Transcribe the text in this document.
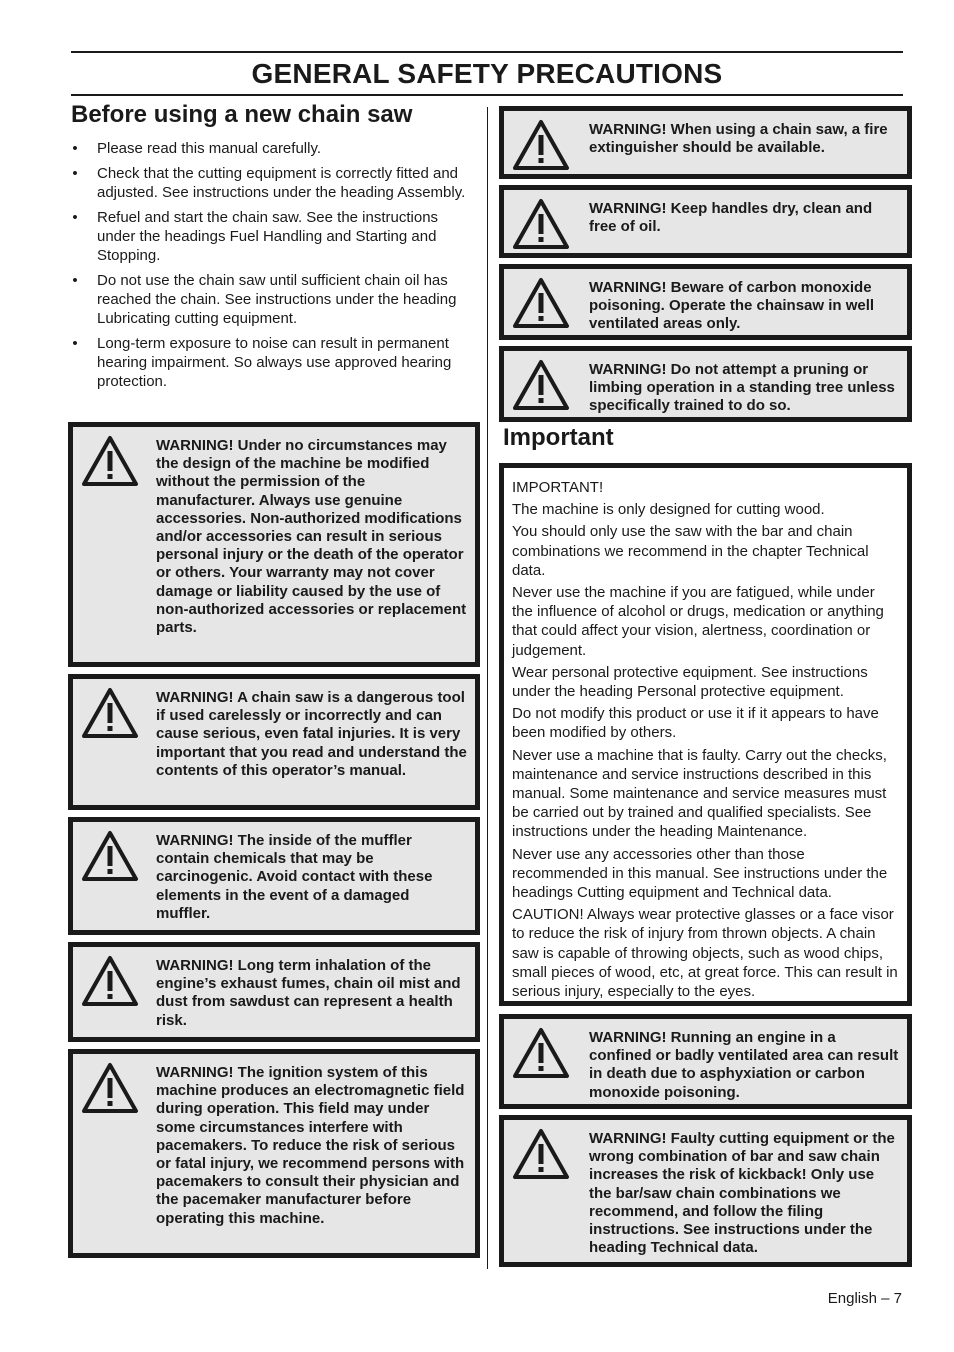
GENERAL SAFETY PRECAUTIONS
Before using a new chain saw
• Please read this manual carefully.
• Check that the cutting equipment is correctly fitted and adjusted. See instructions under the heading Assembly.
• Refuel and start the chain saw. See the instructions under the headings Fuel Handling and Starting and Stopping.
• Do not use the chain saw until sufficient chain oil has reached the chain. See instructions under the heading Lubricating cutting equipment.
• Long-term exposure to noise can result in permanent hearing impairment. So always use approved hearing protection.
WARNING! Under no circumstances may the design of the machine be modified without the permission of the manufacturer. Always use genuine accessories. Non-authorized modifications and/or accessories can result in serious personal injury or the death of the operator or others. Your warranty may not cover damage or liability caused by the use of non-authorized accessories or replacement parts.
WARNING! A chain saw is a dangerous tool if used carelessly or incorrectly and can cause serious, even fatal injuries. It is very important that you read and understand the contents of this operator’s manual.
WARNING! The inside of the muffler contain chemicals that may be carcinogenic. Avoid contact with these elements in the event of a damaged muffler.
WARNING! Long term inhalation of the engine’s exhaust fumes, chain oil mist and dust from sawdust can represent a health risk.
WARNING! The ignition system of this machine produces an electromagnetic field during operation. This field may under some circumstances interfere with pacemakers. To reduce the risk of serious or fatal injury, we recommend persons with pacemakers to consult their physician and the pacemaker manufacturer before operating this machine.
WARNING! When using a chain saw, a fire extinguisher should be available.
WARNING! Keep handles dry, clean and free of oil.
WARNING! Beware of carbon monoxide poisoning. Operate the chainsaw in well ventilated areas only.
WARNING! Do not attempt a pruning or limbing operation in a standing tree unless specifically trained to do so.
Important

IMPORTANT!

The machine is only designed for cutting wood.

You should only use the saw with the bar and chain combinations we recommend in the chapter Technical data.

Never use the machine if you are fatigued, while under the influence of alcohol or drugs, medication or anything that could affect your vision, alertness, coordination or judgement.

Wear personal protective equipment. See instructions under the heading Personal protective equipment.

Do not modify this product or use it if it appears to have been modified by others.

Never use a machine that is faulty. Carry out the checks, maintenance and service instructions described in this manual. Some maintenance and service measures must be carried out by trained and qualified specialists. See instructions under the heading Maintenance.

Never use any accessories other than those recommended in this manual. See instructions under the headings Cutting equipment and Technical data.

CAUTION! Always wear protective glasses or a face visor to reduce the risk of injury from thrown objects. A chain saw is capable of throwing objects, such as wood chips, small pieces of wood, etc, at great force. This can result in serious injury, especially to the eyes.

WARNING! Running an engine in a confined or badly ventilated area can result in death due to asphyxiation or carbon monoxide poisoning.
WARNING! Faulty cutting equipment or the wrong combination of bar and saw chain increases the risk of kickback! Only use the bar/saw chain combinations we recommend, and follow the filing instructions. See instructions under the heading Technical data.
English – 7
